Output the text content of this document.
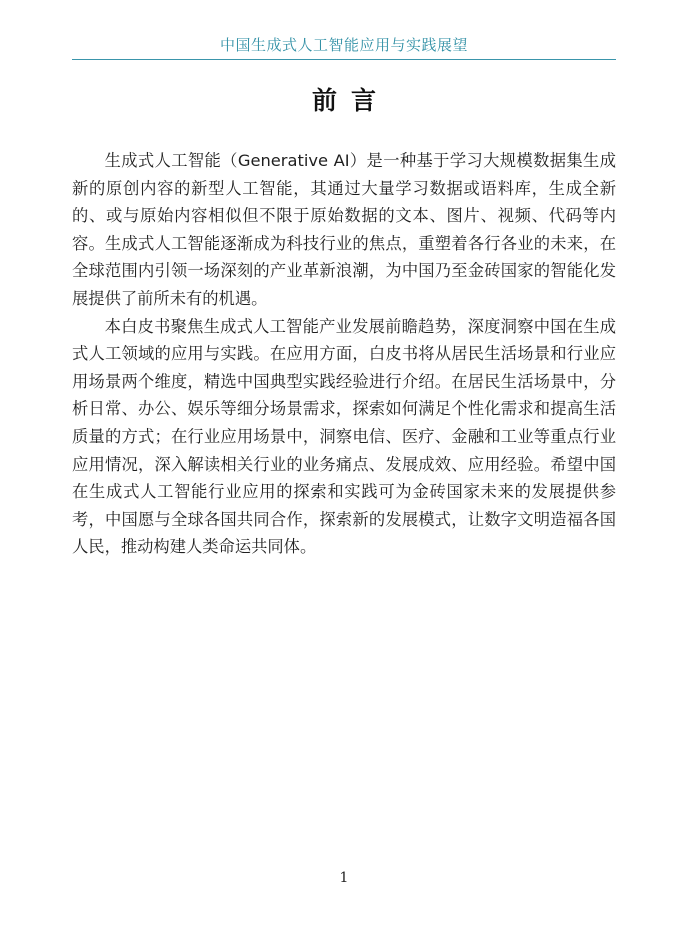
中国生成式人工智能应用与实践展望
前言

生成式人工智能（Generative AI）是一种基于学习大规模数据集生成新的原创内容的新型人工智能，其通过大量学习数据或语料库，生成全新的、或与原始内容相似但不限于原始数据的文本、图片、视频、代码等内容。生成式人工智能逐渐成为科技行业的焦点，重塑着各行各业的未来，在全球范围内引领一场深刻的产业革新浪潮，为中国乃至金砖国家的智能化发展提供了前所未有的机遇。

本白皮书聚焦生成式人工智能产业发展前瞻趋势，深度洞察中国在生成式人工领域的应用与实践。在应用方面，白皮书将从居民生活场景和行业应用场景两个维度，精选中国典型实践经验进行介绍。在居民生活场景中，分析日常、办公、娱乐等细分场景需求，探索如何满足个性化需求和提高生活质量的方式；在行业应用场景中，洞察电信、医疗、金融和工业等重点行业应用情况，深入解读相关行业的业务痛点、发展成效、应用经验。希望中国在生成式人工智能行业应用的探索和实践可为金砖国家未来的发展提供参考，中国愿与全球各国共同合作，探索新的发展模式，让数字文明造福各国人民，推动构建人类命运共同体。

1
